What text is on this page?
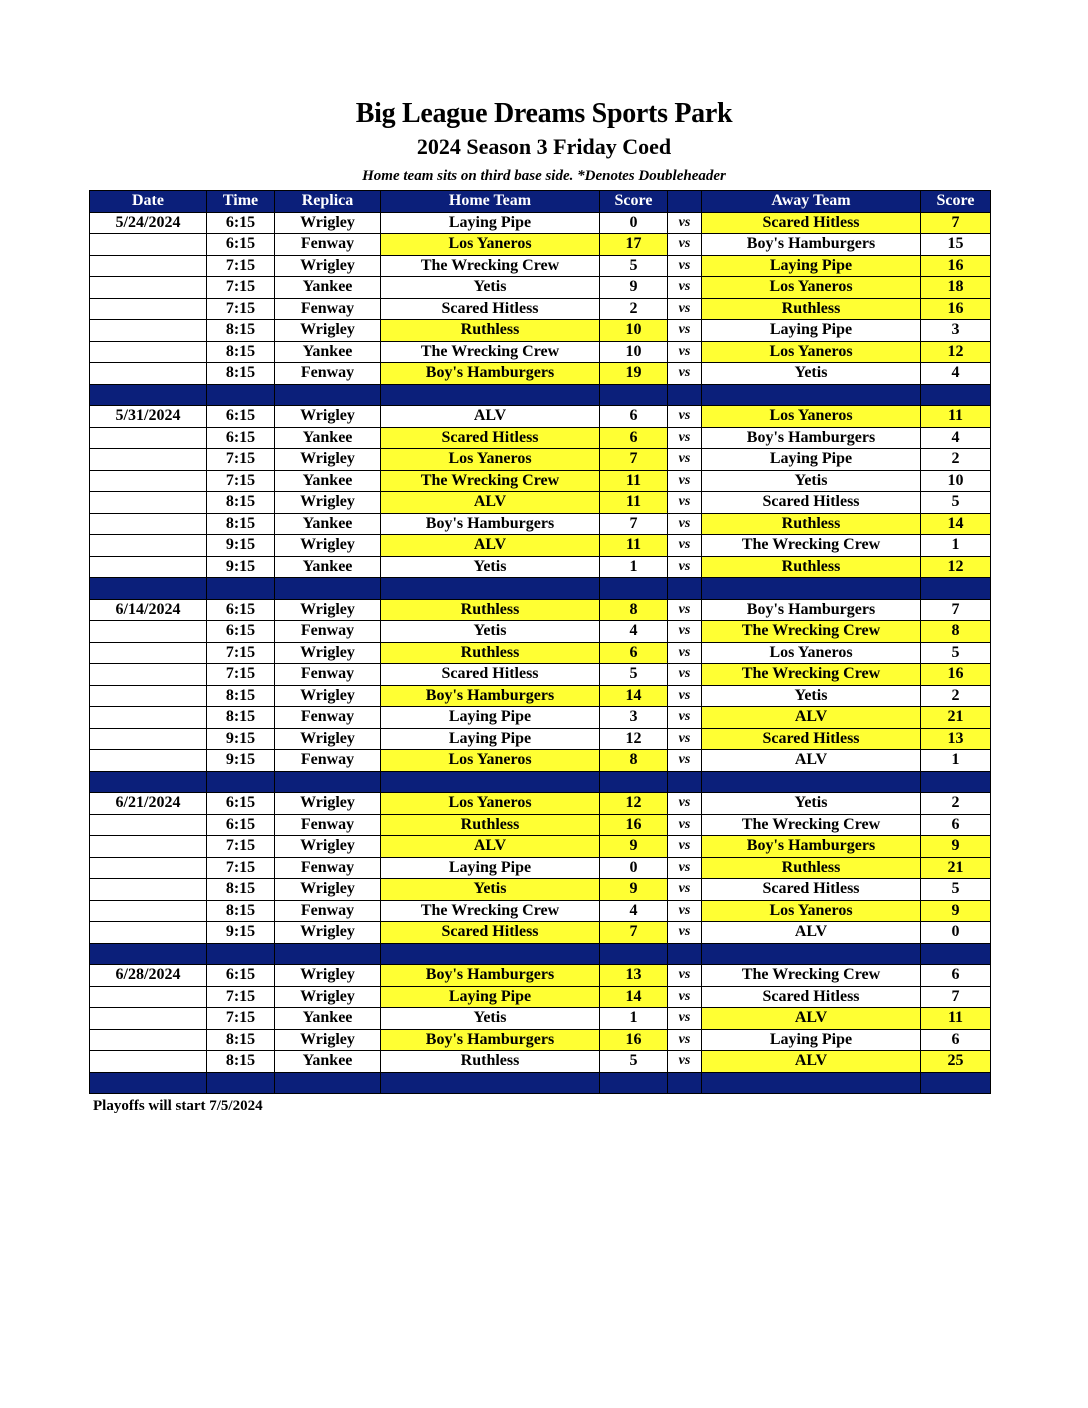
Big League Dreams Sports Park
2024 Season 3 Friday Coed
Home team sits on third base side. *Denotes Doubleheader
Date	Time	Replica	Home Team	Score		Away Team	Score
5/24/2024	6:15	Wrigley	Laying Pipe	0	vs	Scared Hitless	7
	6:15	Fenway	Los Yaneros	17	vs	Boy's Hamburgers	15
	7:15	Wrigley	The Wrecking Crew	5	vs	Laying Pipe	16
	7:15	Yankee	Yetis	9	vs	Los Yaneros	18
	7:15	Fenway	Scared Hitless	2	vs	Ruthless	16
	8:15	Wrigley	Ruthless	10	vs	Laying Pipe	3
	8:15	Yankee	The Wrecking Crew	10	vs	Los Yaneros	12
	8:15	Fenway	Boy's Hamburgers	19	vs	Yetis	4

5/31/2024	6:15	Wrigley	ALV	6	vs	Los Yaneros	11
	6:15	Yankee	Scared Hitless	6	vs	Boy's Hamburgers	4
	7:15	Wrigley	Los Yaneros	7	vs	Laying Pipe	2
	7:15	Yankee	The Wrecking Crew	11	vs	Yetis	10
	8:15	Wrigley	ALV	11	vs	Scared Hitless	5
	8:15	Yankee	Boy's Hamburgers	7	vs	Ruthless	14
	9:15	Wrigley	ALV	11	vs	The Wrecking Crew	1
	9:15	Yankee	Yetis	1	vs	Ruthless	12

6/14/2024	6:15	Wrigley	Ruthless	8	vs	Boy's Hamburgers	7
	6:15	Fenway	Yetis	4	vs	The Wrecking Crew	8
	7:15	Wrigley	Ruthless	6	vs	Los Yaneros	5
	7:15	Fenway	Scared Hitless	5	vs	The Wrecking Crew	16
	8:15	Wrigley	Boy's Hamburgers	14	vs	Yetis	2
	8:15	Fenway	Laying Pipe	3	vs	ALV	21
	9:15	Wrigley	Laying Pipe	12	vs	Scared Hitless	13
	9:15	Fenway	Los Yaneros	8	vs	ALV	1

6/21/2024	6:15	Wrigley	Los Yaneros	12	vs	Yetis	2
	6:15	Fenway	Ruthless	16	vs	The Wrecking Crew	6
	7:15	Wrigley	ALV	9	vs	Boy's Hamburgers	9
	7:15	Fenway	Laying Pipe	0	vs	Ruthless	21
	8:15	Wrigley	Yetis	9	vs	Scared Hitless	5
	8:15	Fenway	The Wrecking Crew	4	vs	Los Yaneros	9
	9:15	Wrigley	Scared Hitless	7	vs	ALV	0

6/28/2024	6:15	Wrigley	Boy's Hamburgers	13	vs	The Wrecking Crew	6
	7:15	Wrigley	Laying Pipe	14	vs	Scared Hitless	7
	7:15	Yankee	Yetis	1	vs	ALV	11
	8:15	Wrigley	Boy's Hamburgers	16	vs	Laying Pipe	6
	8:15	Yankee	Ruthless	5	vs	ALV	25

Playoffs will start 7/5/2024
